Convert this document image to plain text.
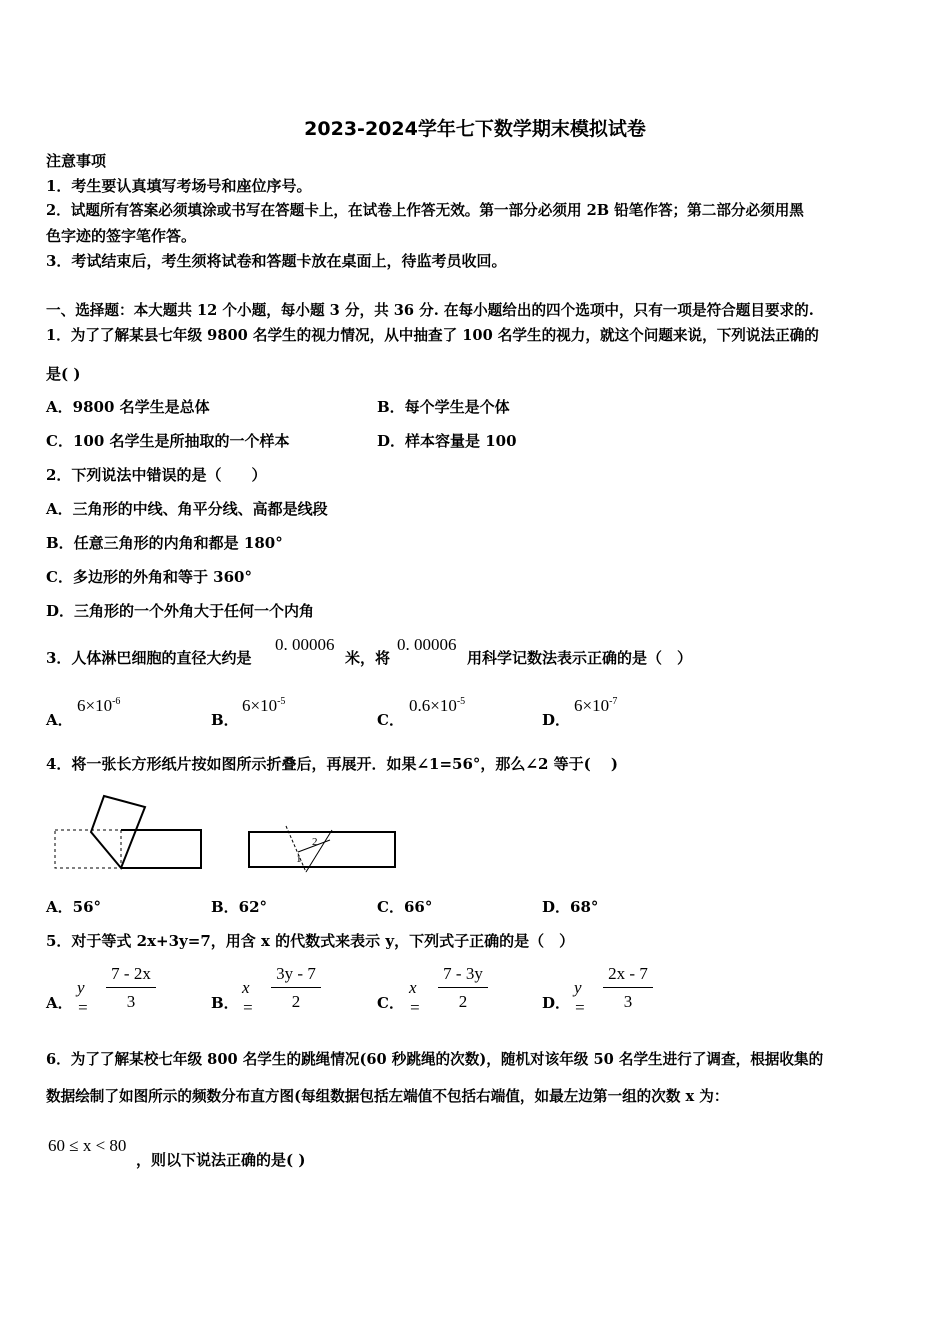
2023-2024学年七下数学期末模拟试卷
注意事项
1．考生要认真填写考场号和座位序号。
2．试题所有答案必须填涂或书写在答题卡上，在试卷上作答无效。第一部分必须用 2B 铅笔作答；第二部分必须用黑
色字迹的签字笔作答。
3．考试结束后，考生须将试卷和答题卡放在桌面上，待监考员收回。
一、选择题：本大题共 12 个小题，每小题 3 分，共 36 分. 在每小题给出的四个选项中，只有一项是符合题目要求的.
1．为了了解某县七年级 9800 名学生的视力情况，从中抽查了 100 名学生的视力，就这个问题来说，下列说法正确的
是( )
A．9800 名学生是总体	B．每个学生是个体
C．100 名学生是所抽取的一个样本	D．样本容量是 100
2．下列说法中错误的是（　　）
A．三角形的中线、角平分线、高都是线段
B．任意三角形的内角和都是 180°
C．多边形的外角和等于 360°
D．三角形的一个外角大于任何一个内角
3．人体淋巴细胞的直径大约是
0. 00006
米，将
0. 00006
用科学记数法表示正确的是（　）
A．
$6\times 10^{-6}$
B．
$6\times 10^{-5}$
C．
$0.6\times 10^{-5}$
D．
$6\times 10^{-7}$
4．将一张长方形纸片按如图所示折叠后，再展开．如果∠1=56°，那么∠2 等于(　 )
1
2
A．56°	B．62°	C．66°	D．68°
5．对于等式 2x+3y=7，用含 x 的代数式来表示 y，下列式子正确的是（　）
A．
y =
7 - 2x
3	B．
x =
3y - 7
2	C．
x =
7 - 3y
2	D．
y =
2x - 7
3
6．为了了解某校七年级 800 名学生的跳绳情况(60 秒跳绳的次数)，随机对该年级 50 名学生进行了调查，根据收集的
数据绘制了如图所示的频数分布直方图(每组数据包括左端值不包括右端值，如最左边第一组的次数 x 为：
60 ≤ x < 80
，则以下说法正确的是( )
